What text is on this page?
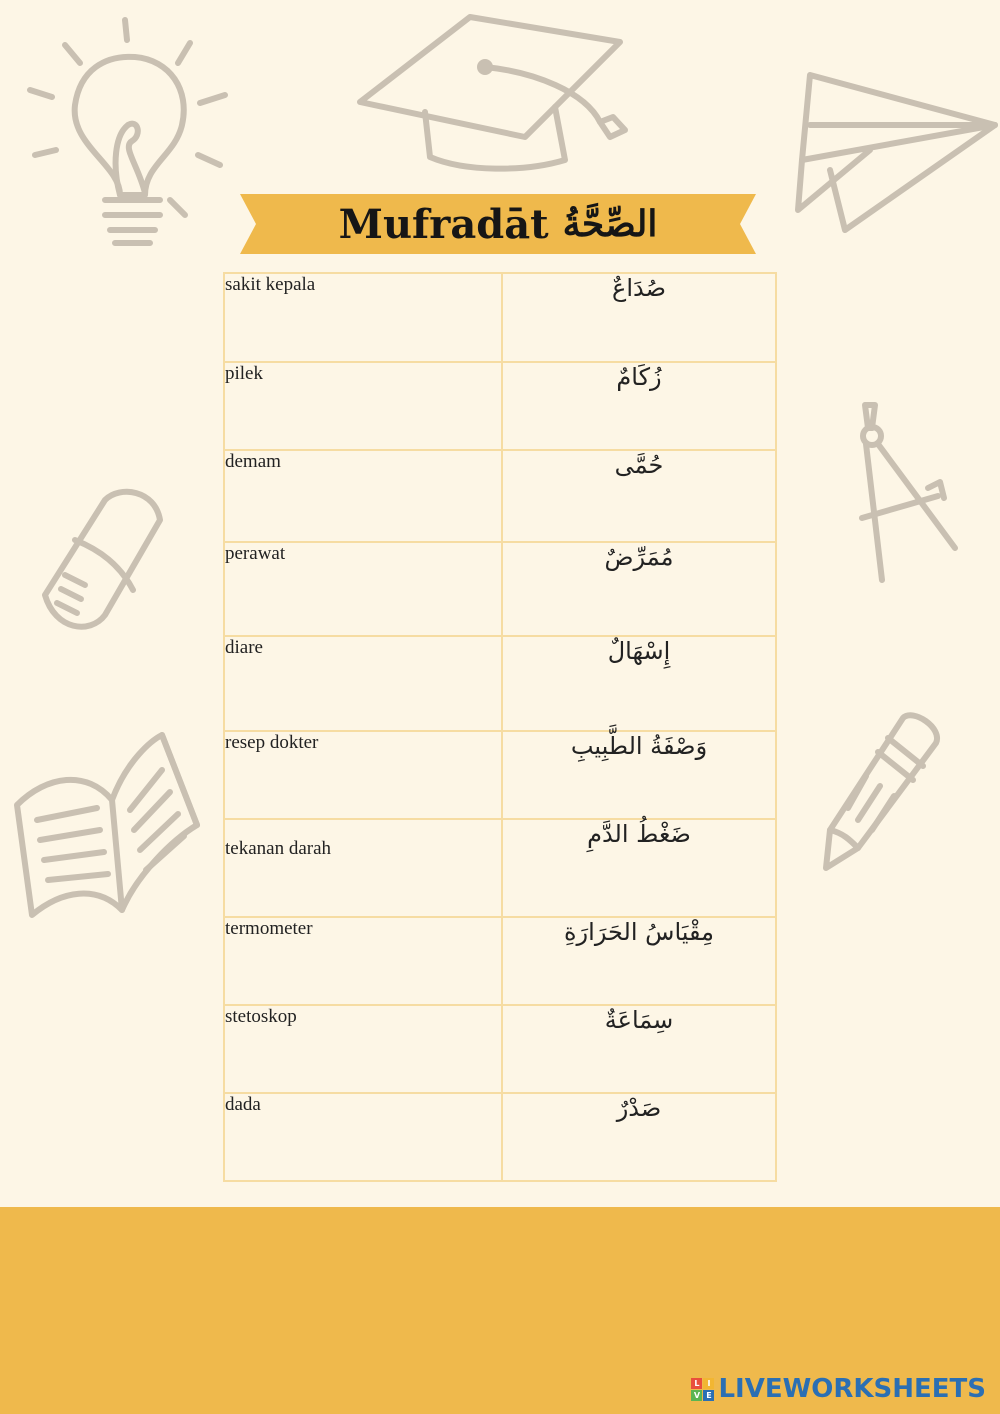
Mufradāt الصِّحَّةُ
sakit kepala	صُدَاعٌ
pilek	زُكَامٌ
demam	حُمَّى
perawat	مُمَرِّضٌ
diare	إِسْهَالٌ
resep dokter	وَصْفَةُ الطَّبِيبِ
tekanan darah	ضَغْطُ الدَّمِ
termometer	مِقْيَاسُ الحَرَارَةِ
stetoskop	سِمَاعَةٌ
dada	صَدْرٌ
L I
V E LIVEWORKSHEETS
